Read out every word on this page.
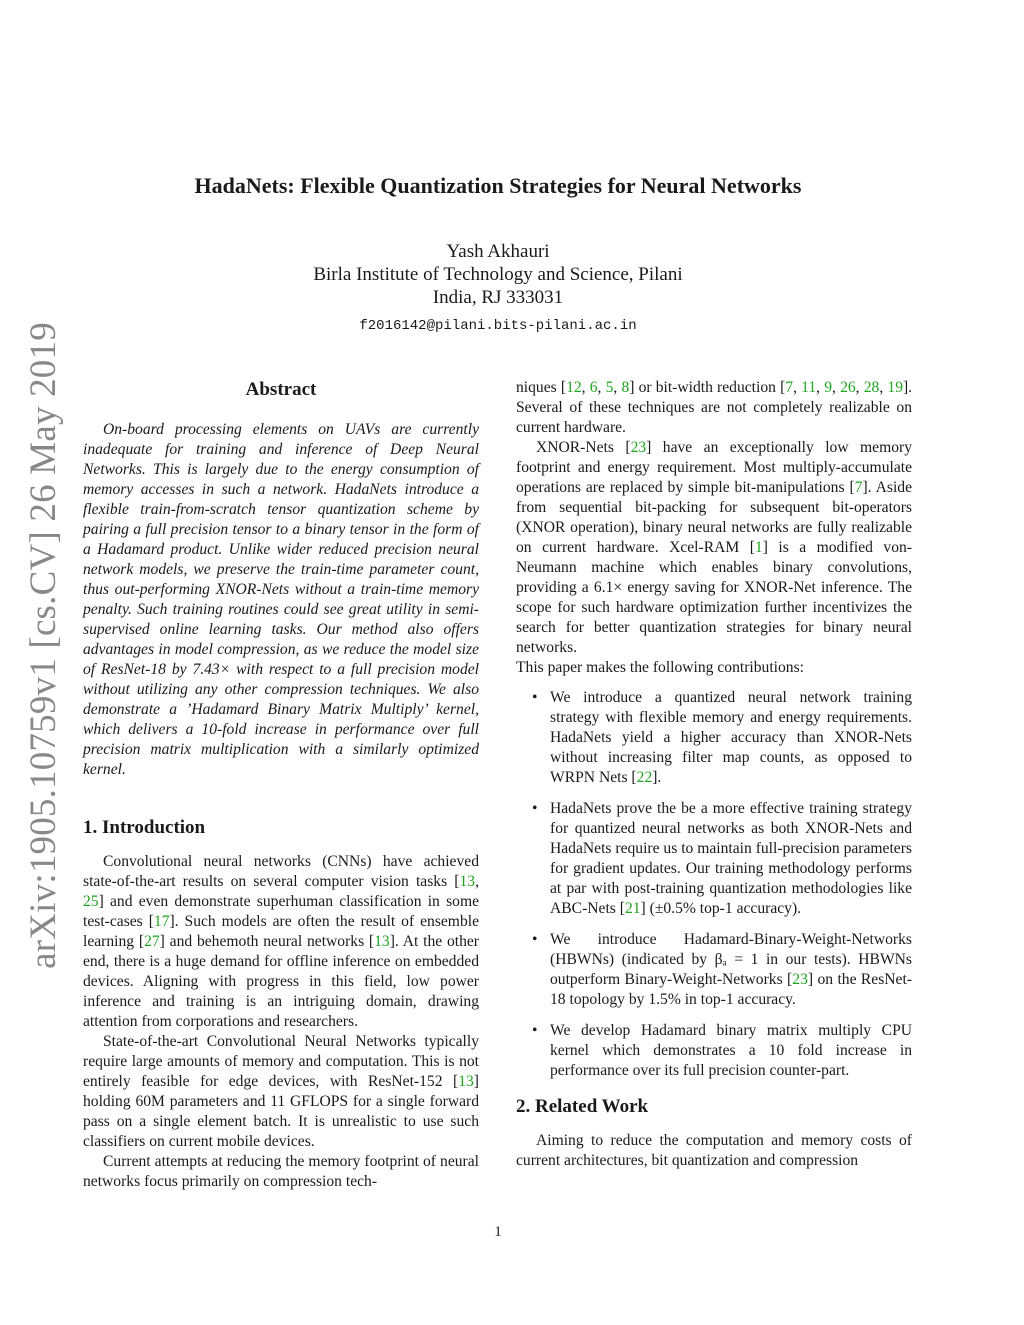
arXiv:1905.10759v1 [cs.CV] 26 May 2019
HadaNets: Flexible Quantization Strategies for Neural Networks
Yash Akhauri
Birla Institute of Technology and Science, Pilani
India, RJ 333031
f2016142@pilani.bits-pilani.ac.in
Abstract

On-board processing elements on UAVs are currently inadequate for training and inference of Deep Neural Networks. This is largely due to the energy consumption of memory accesses in such a network. HadaNets introduce a flexible train-from-scratch tensor quantization scheme by pairing a full precision tensor to a binary tensor in the form of a Hadamard product. Unlike wider reduced precision neural network models, we preserve the train-time parameter count, thus out-performing XNOR-Nets without a train-time memory penalty. Such training routines could see great utility in semi-supervised online learning tasks. Our method also offers advantages in model compression, as we reduce the model size of ResNet-18 by 7.43× with respect to a full precision model without utilizing any other compression techniques. We also demonstrate a ’Hadamard Binary Matrix Multiply’ kernel, which delivers a 10-fold increase in performance over full precision matrix multiplication with a similarly optimized kernel.

1. Introduction

Convolutional neural networks (CNNs) have achieved state-of-the-art results on several computer vision tasks [13, 25] and even demonstrate superhuman classification in some test-cases [17]. Such models are often the result of ensemble learning [27] and behemoth neural networks [13]. At the other end, there is a huge demand for offline inference on embedded devices. Aligning with progress in this field, low power inference and training is an intriguing domain, drawing attention from corporations and researchers.

State-of-the-art Convolutional Neural Networks typically require large amounts of memory and computation. This is not entirely feasible for edge devices, with ResNet-152 [13] holding 60M parameters and 11 GFLOPS for a single forward pass on a single element batch. It is unrealistic to use such classifiers on current mobile devices.

Current attempts at reducing the memory footprint of neural networks focus primarily on compression tech-

niques [12, 6, 5, 8] or bit-width reduction [7, 11, 9, 26, 28, 19]. Several of these techniques are not completely realizable on current hardware.

XNOR-Nets [23] have an exceptionally low memory footprint and energy requirement. Most multiply-accumulate operations are replaced by simple bit-manipulations [7]. Aside from sequential bit-packing for subsequent bit-operators (XNOR operation), binary neural networks are fully realizable on current hardware. Xcel-RAM [1] is a modified von-Neumann machine which enables binary convolutions, providing a 6.1× energy saving for XNOR-Net inference. The scope for such hardware optimization further incentivizes the search for better quantization strategies for binary neural networks.

This paper makes the following contributions:

• We introduce a quantized neural network training strategy with flexible memory and energy requirements. HadaNets yield a higher accuracy than XNOR-Nets without increasing filter map counts, as opposed to WRPN Nets [22].
• HadaNets prove the be a more effective training strategy for quantized neural networks as both XNOR-Nets and HadaNets require us to maintain full-precision parameters for gradient updates. Our training methodology performs at par with post-training quantization methodologies like ABC-Nets [21] (±0.5% top-1 accuracy).
• We introduce Hadamard-Binary-Weight-Networks (HBWNs) (indicated by βₐ = 1 in our tests). HBWNs outperform Binary-Weight-Networks [23] on the ResNet-18 topology by 1.5% in top-1 accuracy.
• We develop Hadamard binary matrix multiply CPU kernel which demonstrates a 10 fold increase in performance over its full precision counter-part.
2. Related Work

Aiming to reduce the computation and memory costs of current architectures, bit quantization and compression

1
